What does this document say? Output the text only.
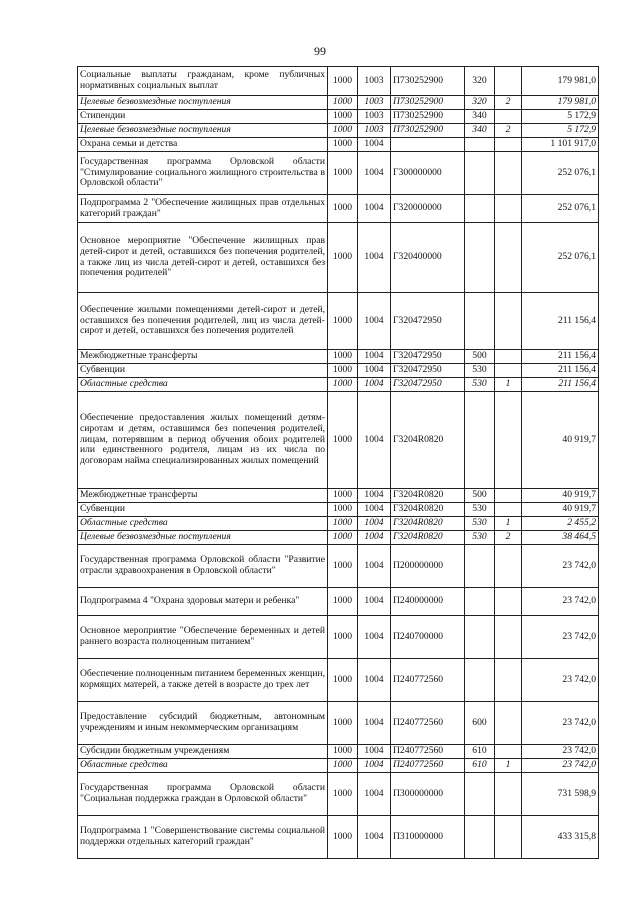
99
Социальные выплаты гражданам, кроме публичных нормативных социальных выплат	1000	1003	П730252900	320		179 981,0
Целевые безвозмездные поступления	1000	1003	П730252900	320	2	179 981,0
Стипендии	1000	1003	П730252900	340		5 172,9
Целевые безвозмездные поступления	1000	1003	П730252900	340	2	5 172,9
Охрана семьи и детства	1000	1004				1 101 917,0
Государственная программа Орловской области "Стимулирование социального жилищного строительства в Орловской области"	1000	1004	Г300000000			252 076,1
Подпрограмма 2 "Обеспечение жилищных прав отдельных категорий граждан"	1000	1004	Г320000000			252 076,1
Основное мероприятие "Обеспечение жилищных прав детей-сирот и детей, оставшихся без попечения родителей, а также лиц из числа детей-сирот и детей, оставшихся без попечения родителей"	1000	1004	Г320400000			252 076,1
Обеспечение жилыми помещениями детей-сирот и детей, оставшихся без попечения родителей, лиц из числа детей-сирот и детей, оставшихся без попечения родителей	1000	1004	Г320472950			211 156,4
Межбюджетные трансферты	1000	1004	Г320472950	500		211 156,4
Субвенции	1000	1004	Г320472950	530		211 156,4
Областные средства	1000	1004	Г320472950	530	1	211 156,4
Обеспечение предоставления жилых помещений детям-сиротам и детям, оставшимся без попечения родителей, лицам, потерявшим в период обучения обоих родителей или единственного родителя, лицам из их числа по договорам найма специализированных жилых помещений	1000	1004	Г3204R0820			40 919,7
Межбюджетные трансферты	1000	1004	Г3204R0820	500		40 919,7
Субвенции	1000	1004	Г3204R0820	530		40 919,7
Областные средства	1000	1004	Г3204R0820	530	1	2 455,2
Целевые безвозмездные поступления	1000	1004	Г3204R0820	530	2	38 464,5
Государственная программа Орловской области "Развитие отрасли здравоохранения в Орловской области"	1000	1004	П200000000			23 742,0
Подпрограмма 4 "Охрана здоровья матери и ребенка"	1000	1004	П240000000			23 742,0
Основное мероприятие "Обеспечение беременных и детей раннего возраста полноценным питанием"	1000	1004	П240700000			23 742,0
Обеспечение полноценным питанием беременных женщин, кормящих матерей, а также детей в возрасте до трех лет	1000	1004	П240772560			23 742,0
Предоставление субсидий бюджетным, автономным учреждениям и иным некоммерческим организациям	1000	1004	П240772560	600		23 742,0
Субсидии бюджетным учреждениям	1000	1004	П240772560	610		23 742,0
Областные средства	1000	1004	П240772560	610	1	23 742,0
Государственная программа Орловской области "Социальная поддержка граждан в Орловской области"	1000	1004	П300000000			731 598,9
Подпрограмма 1 "Совершенствование системы социальной поддержки отдельных категорий граждан"	1000	1004	П310000000			433 315,8
